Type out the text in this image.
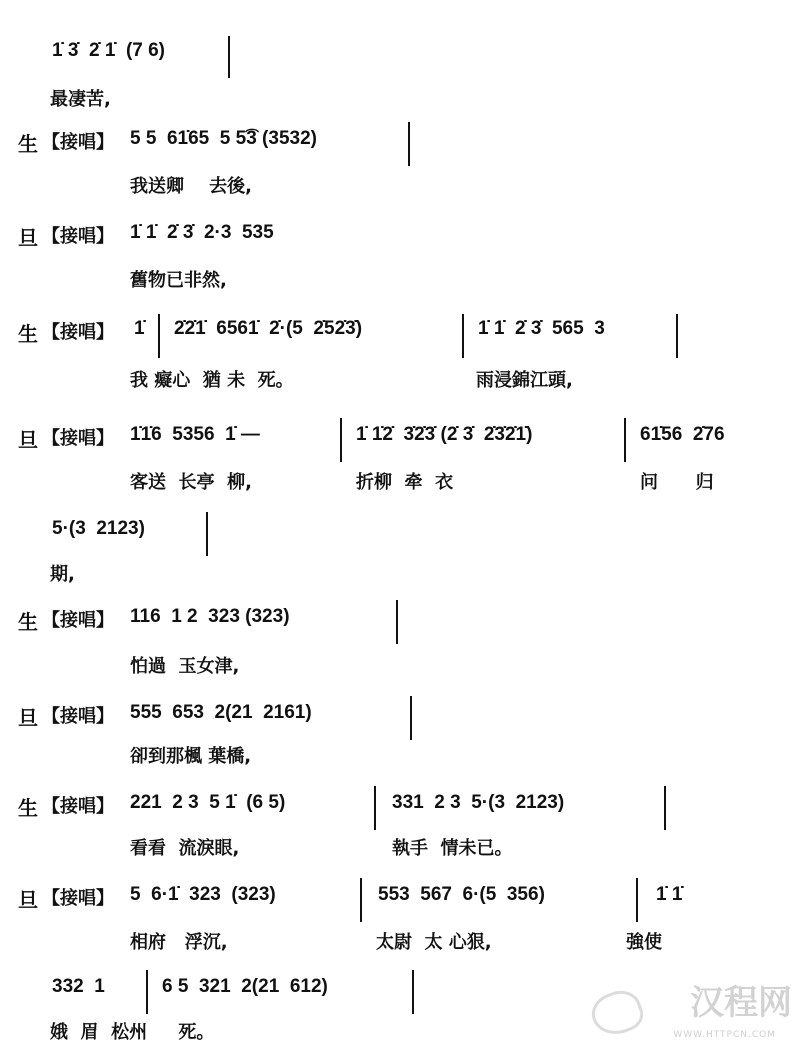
1̇ 3̇  2̇ 1̇  (7 6)
最凄苦,
生 【接唱】 5 5  61̇65  5 5͡3 (3532)
我送卿    去後,
旦 【接唱】 1̇ 1̇  2̇ 3̇  2·3  535
舊物已非然,
生 【接唱】 1̇ 2̇2̇1̇  6561̇  2̇·(5  2̇52̇3̇)	1̇ 1̇  2̇ 3̇  565  3
我 癡心  猶 未  死。	雨浸錦江頭,
旦 【接唱】 1̇1̇6  5356  1̇ —	1̇ 1̇2̇  3̇2̇3̇ (2̇ 3̇  2̇3̇2̇1̇)	61̇56  2̇76
客送  长亭  柳,	折柳  牵  衣	问      归
5·(3  2123)
期,
生 【接唱】 116  1 2  323 (323)
怕過  玉女津,
旦 【接唱】 555  653  2(21  2161)
卻到那楓 葉橋,
生 【接唱】 221  2 3  5 1̇  (6 5)	331  2 3  5·(3  2123)
看看  流淚眼,	執手  情未已。
旦 【接唱】 5  6·1̇  323  (323)	553  567  6·(5  356)	1̇ 1̇
相府   浮沉,	太尉  太 心狠,	強使
332  1	6 5  321  2(21  612)
娥  眉  松州     死。
汉程网
WWW.HTTPCN.COM
